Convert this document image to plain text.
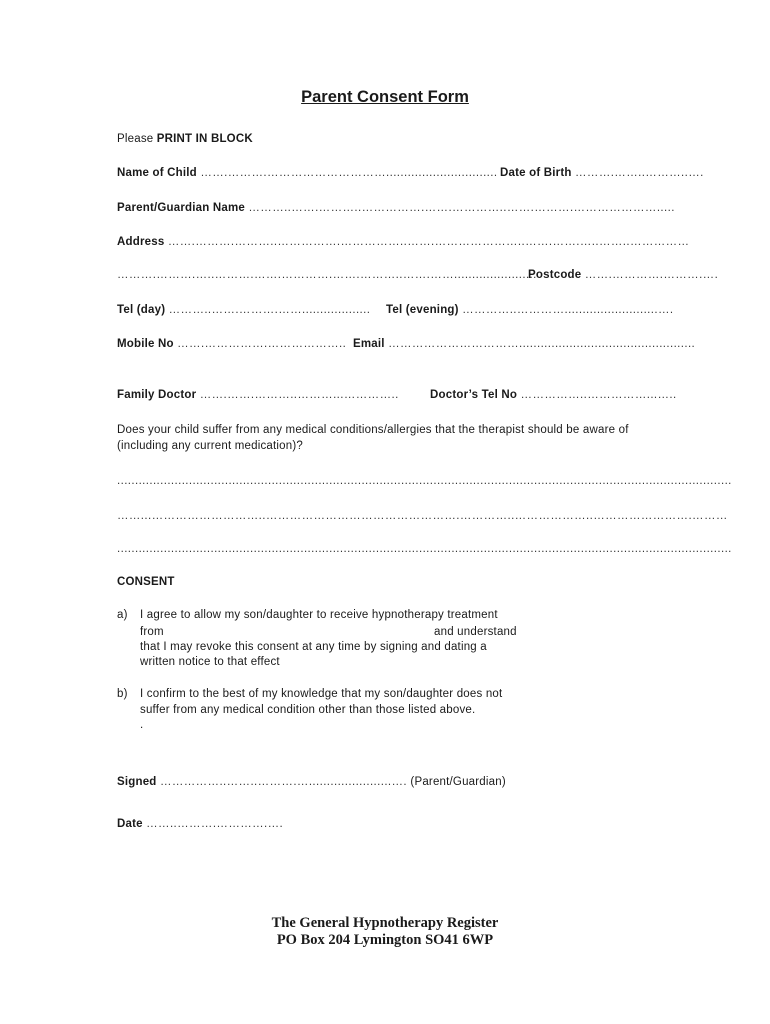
Parent Consent Form
Please PRINT IN BLOCK
Name of Child …….……….…………………………............................... Date of Birth ……….……..………..….
Parent/Guardian Name ………..…….………..…………….…….…………..…….……….………………….....
Address …….……….………..…………….……………..…….…………………..…….…….…..……..……………
……….……….…..……….…….………….…….………..…….…….......................
Postcode …….………….……….….
Tel (day) ………..…….……….……................... Tel (evening) …………..…………..........................….
Mobile No …….…………….……………….. Email …………………………….................................................
Family Doctor …….…….………..………...…………..	Doctor’s Tel No ……………..……………...…..
Does your child suffer from any medical conditions/allergies that the therapist should be aware of
(including any current medication)?
...........................................................................................................................................................................
……...………………………..………………………………………….…………..………………..…………………….………
...........................................................................................................................................................................
CONSENT
a) I agree to allow my son/daughter to receive hypnotherapy treatment
from	and understand
that I may revoke this consent at any time by signing and dating a
written notice to that effect
b) I confirm to the best of my knowledge that my son/daughter does not
suffer from any medical condition other than those listed above.
.
Signed ……………..……..……….….......................…. (Parent/Guardian)
Date ……..……….………….….
The General Hypnotherapy Register
PO Box 204 Lymington SO41 6WP
